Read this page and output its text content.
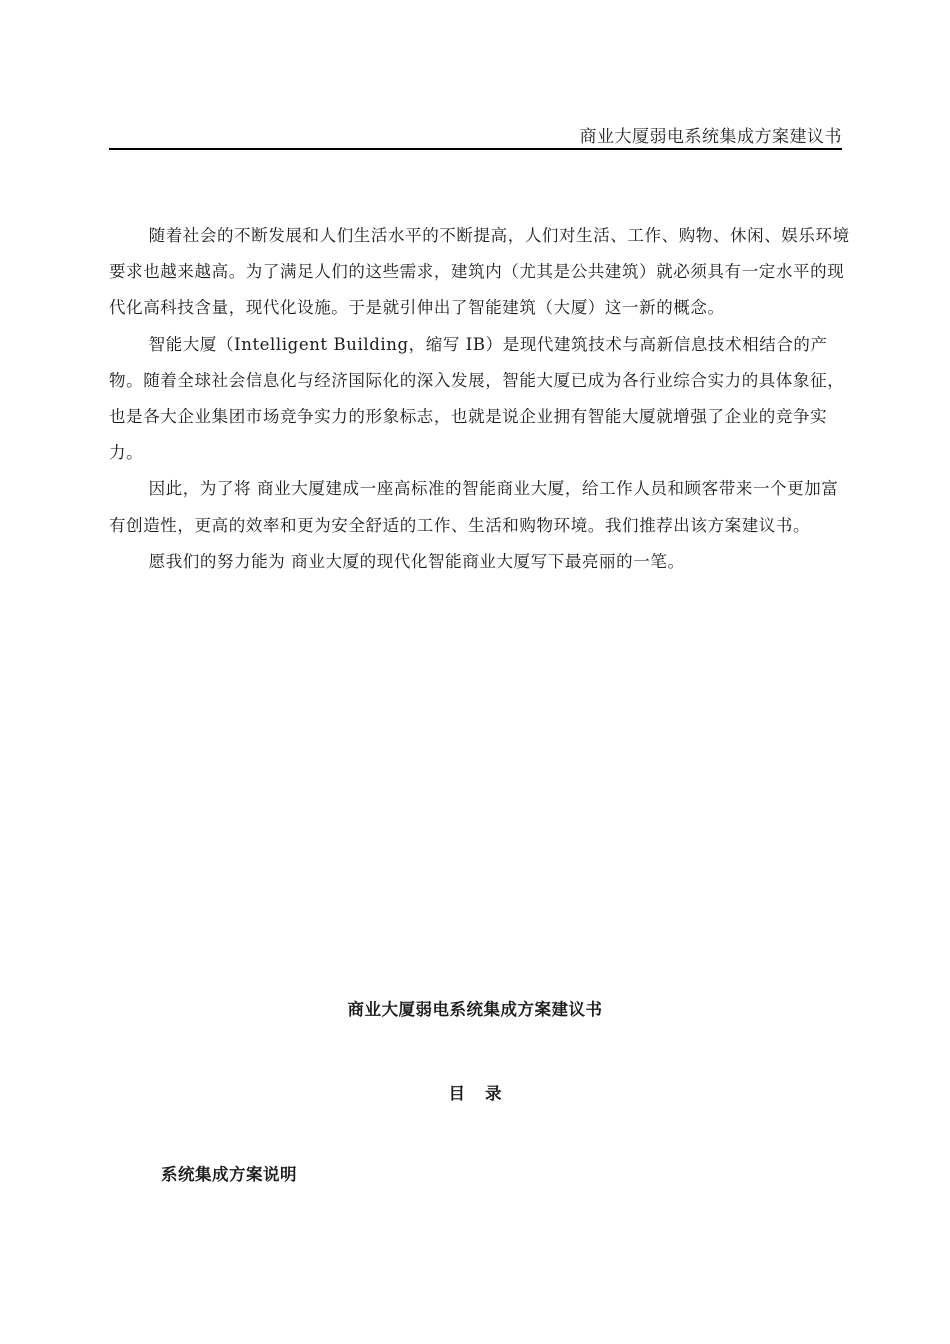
商业大厦弱电系统集成方案建议书

随着社会的不断发展和人们生活水平的不断提高，人们对生活、工作、购物、休闲、娱乐环境要求也越来越高。为了满足人们的这些需求，建筑内（尤其是公共建筑）就必须具有一定水平的现代化高科技含量，现代化设施。于是就引伸出了智能建筑（大厦）这一新的概念。

智能大厦（Intelligent Building，缩写 IB）是现代建筑技术与高新信息技术相结合的产物。随着全球社会信息化与经济国际化的深入发展，智能大厦已成为各行业综合实力的具体象征，也是各大企业集团市场竞争实力的形象标志，也就是说企业拥有智能大厦就增强了企业的竞争实力。

因此，为了将 商业大厦建成一座高标准的智能商业大厦，给工作人员和顾客带来一个更加富有创造性，更高的效率和更为安全舒适的工作、生活和购物环境。我们推荐出该方案建议书。

愿我们的努力能为 商业大厦的现代化智能商业大厦写下最亮丽的一笔。

商业大厦弱电系统集成方案建议书
目录
系统集成方案说明
